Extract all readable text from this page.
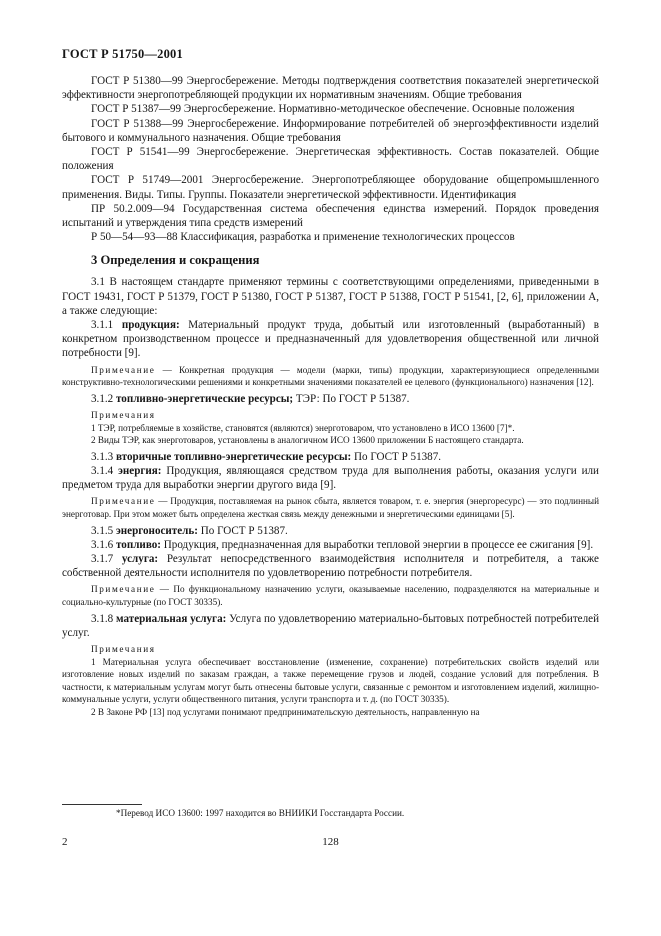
ГОСТ Р 51750—2001

ГОСТ Р 51380—99 Энергосбережение. Методы подтверждения соответствия показателей энергетической эффективности энергопотребляющей продукции их нормативным значениям. Общие требования

ГОСТ Р 51387—99 Энергосбережение. Нормативно-методическое обеспечение. Основные положения

ГОСТ Р 51388—99 Энергосбережение. Информирование потребителей об энергоэффективности изделий бытового и коммунального назначения. Общие требования

ГОСТ Р 51541—99 Энергосбережение. Энергетическая эффективность. Состав показателей. Общие положения

ГОСТ Р 51749—2001 Энергосбережение. Энергопотребляющее оборудование общепромышленного применения. Виды. Типы. Группы. Показатели энергетической эффективности. Идентификация

ПР 50.2.009—94 Государственная система обеспечения единства измерений. Порядок проведения испытаний и утверждения типа средств измерений

Р 50—54—93—88 Классификация, разработка и применение технологических процессов

3 Определения и сокращения

3.1 В настоящем стандарте применяют термины с соответствующими определениями, приведенными в ГОСТ 19431, ГОСТ Р 51379, ГОСТ Р 51380, ГОСТ Р 51387, ГОСТ Р 51388, ГОСТ Р 51541, [2, 6], приложении А, а также следующие:

3.1.1 продукция: Материальный продукт труда, добытый или изготовленный (выработанный) в конкретном производственном процессе и предназначенный для удовлетворения общественной или личной потребности [9].

Примечание — Конкретная продукция — модели (марки, типы) продукции, характеризующиеся определенными конструктивно-технологическими решениями и конкретными значениями показателей ее целевого (функционального) назначения [12].

3.1.2 топливно-энергетические ресурсы; ТЭР: По ГОСТ Р 51387.

Примечания

1 ТЭР, потребляемые в хозяйстве, становятся (являются) энерготоваром, что установлено в ИСО 13600 [7]*.

2 Виды ТЭР, как энерготоваров, установлены в аналогичном ИСО 13600 приложении Б настоящего стандарта.

3.1.3 вторичные топливно-энергетические ресурсы: По ГОСТ Р 51387.

3.1.4 энергия: Продукция, являющаяся средством труда для выполнения работы, оказания услуги или предметом труда для выработки энергии другого вида [9].

Примечание — Продукция, поставляемая на рынок сбыта, является товаром, т. е. энергия (энергоресурс) — это подлинный энерготовар. При этом может быть определена жесткая связь между денежными и энергетическими единицами [5].

3.1.5 энергоноситель: По ГОСТ Р 51387.

3.1.6 топливо: Продукция, предназначенная для выработки тепловой энергии в процессе ее сжигания [9].

3.1.7 услуга: Результат непосредственного взаимодействия исполнителя и потребителя, а также собственной деятельности исполнителя по удовлетворению потребности потребителя.

Примечание — По функциональному назначению услуги, оказываемые населению, подразделяются на материальные и социально-культурные (по ГОСТ 30335).

3.1.8 материальная услуга: Услуга по удовлетворению материально-бытовых потребностей потребителей услуг.

Примечания

1 Материальная услуга обеспечивает восстановление (изменение, сохранение) потребительских свойств изделий или изготовление новых изделий по заказам граждан, а также перемещение грузов и людей, создание условий для потребления. В частности, к материальным услугам могут быть отнесены бытовые услуги, связанные с ремонтом и изготовлением изделий, жилищно-коммунальные услуги, услуги общественного питания, услуги транспорта и т. д. (по ГОСТ 30335).

2 В Законе РФ [13] под услугами понимают предпринимательскую деятельность, направленную на

*Перевод ИСО 13600: 1997 находится во ВНИИКИ Госстандарта России.
2	128
